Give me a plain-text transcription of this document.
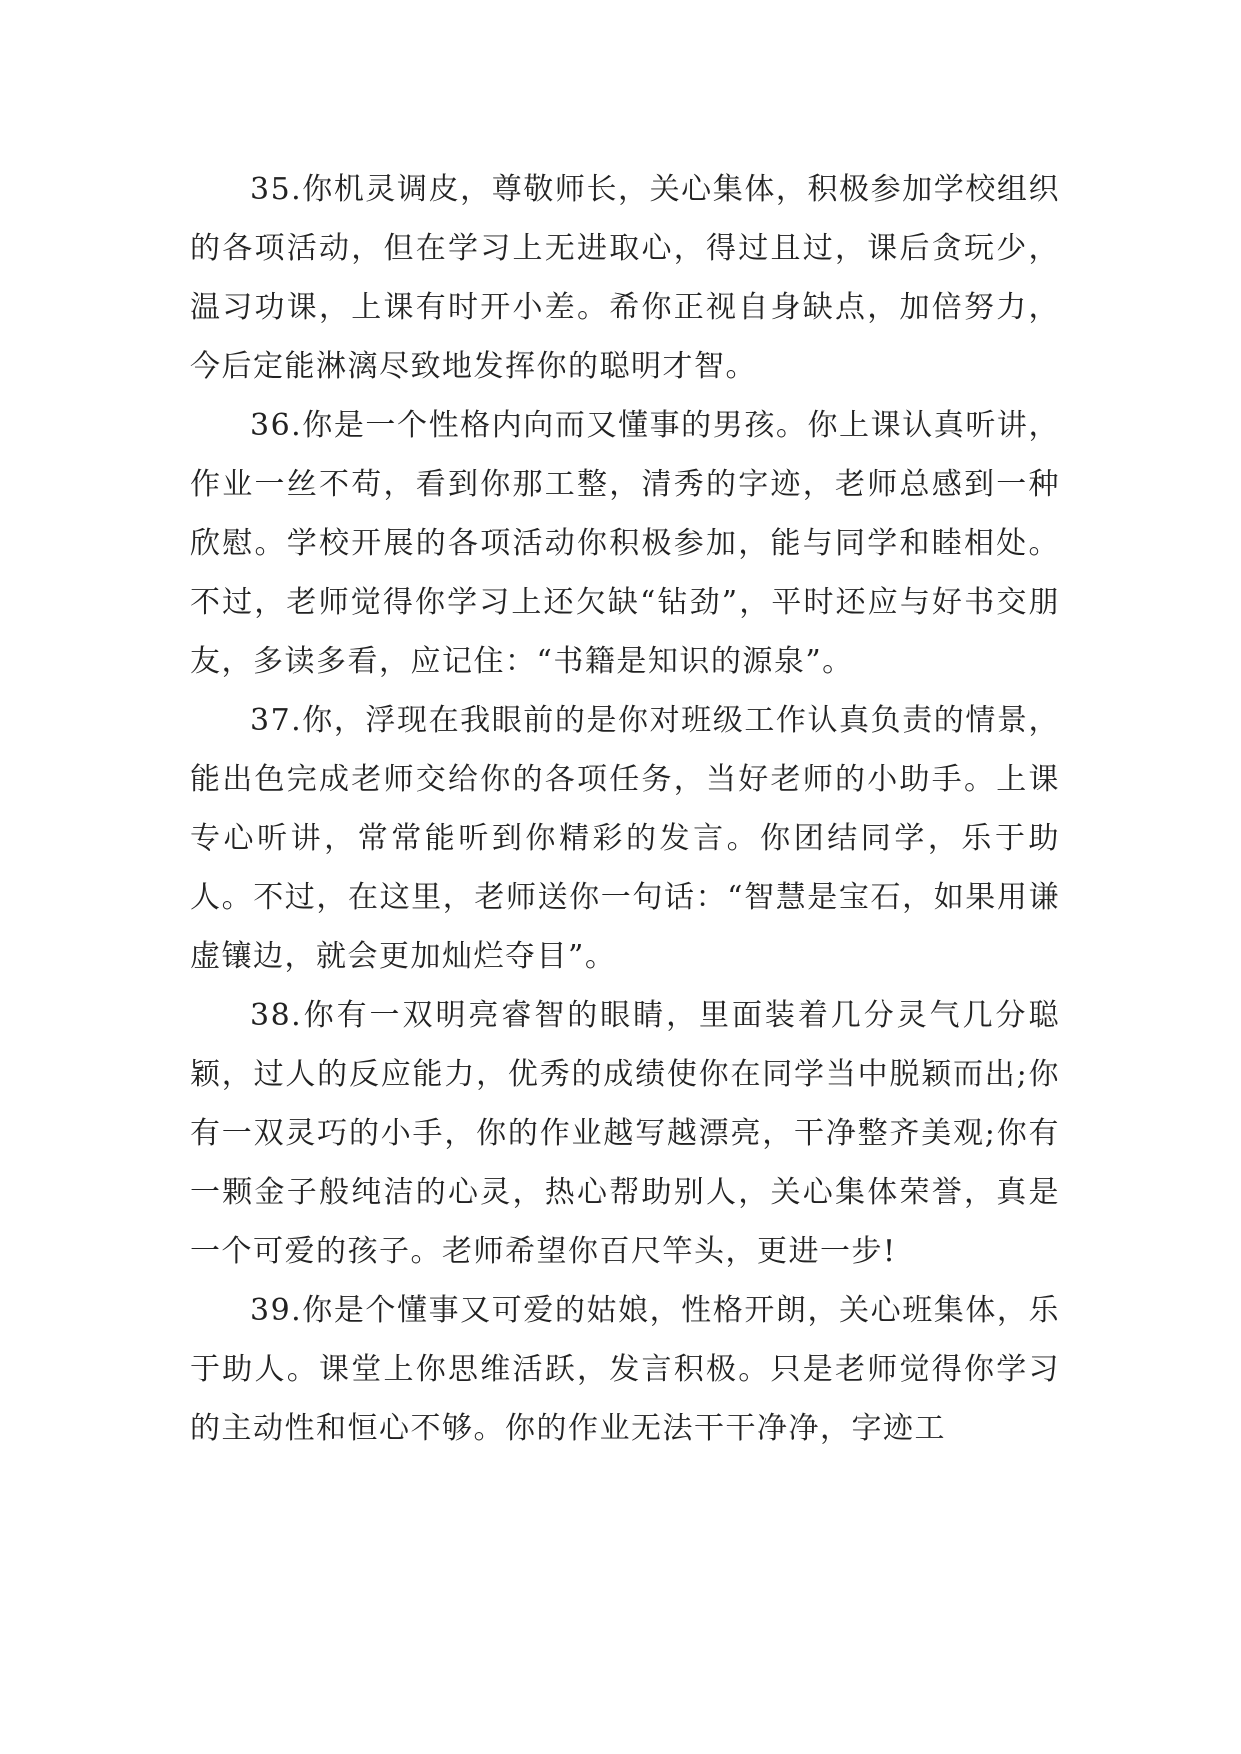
35.你机灵调皮，尊敬师长，关心集体，积极参加学校组织的各项活动，但在学习上无进取心，得过且过，课后贪玩少，温习功课，上课有时开小差。希你正视自身缺点，加倍努力，今后定能淋漓尽致地发挥你的聪明才智。

36.你是一个性格内向而又懂事的男孩。你上课认真听讲，作业一丝不苟，看到你那工整，清秀的字迹，老师总感到一种欣慰。学校开展的各项活动你积极参加，能与同学和睦相处。不过，老师觉得你学习上还欠缺“钻劲”，平时还应与好书交朋友，多读多看，应记住：“书籍是知识的源泉”。

37.你，浮现在我眼前的是你对班级工作认真负责的情景，能出色完成老师交给你的各项任务，当好老师的小助手。上课专心听讲，常常能听到你精彩的发言。你团结同学，乐于助人。不过，在这里，老师送你一句话：“智慧是宝石，如果用谦虚镶边，就会更加灿烂夺目”。

38.你有一双明亮睿智的眼睛，里面装着几分灵气几分聪颖，过人的反应能力，优秀的成绩使你在同学当中脱颖而出;你有一双灵巧的小手，你的作业越写越漂亮，干净整齐美观;你有一颗金子般纯洁的心灵，热心帮助别人，关心集体荣誉，真是一个可爱的孩子。老师希望你百尺竿头，更进一步!

39.你是个懂事又可爱的姑娘，性格开朗，关心班集体，乐于助人。课堂上你思维活跃，发言积极。只是老师觉得你学习的主动性和恒心不够。你的作业无法干干净净，字迹工
